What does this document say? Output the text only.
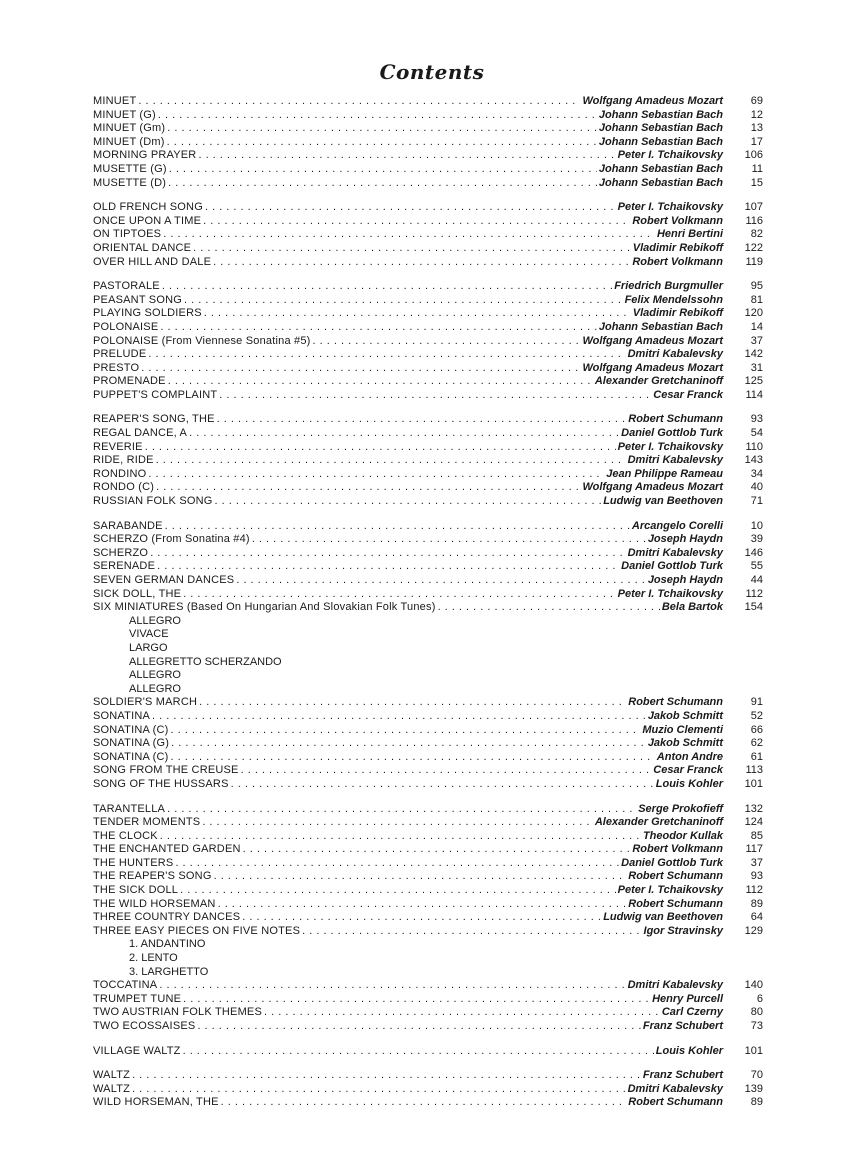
Contents
MINUET . . .	Wolfgang Amadeus Mozart	69
MINUET (G) . . .	Johann Sebastian Bach	12
MINUET (Gm) . . .	Johann Sebastian Bach	13
MINUET (Dm) . . .	Johann Sebastian Bach	17
MORNING PRAYER . . .	Peter I. Tchaikovsky	106
MUSETTE (G) . . .	Johann Sebastian Bach	11
MUSETTE (D) . . .	Johann Sebastian Bach	15
OLD FRENCH SONG . . .	Peter I. Tchaikovsky	107
ONCE UPON A TIME . . .	Robert Volkmann	116
ON TIPTOES . . .	Henri Bertini	82
ORIENTAL DANCE . . .	Vladimir Rebikoff	122
OVER HILL AND DALE . . .	Robert Volkmann	119
PASTORALE . . .	Friedrich Burgmuller	95
PEASANT SONG . . .	Felix Mendelssohn	81
PLAYING SOLDIERS . . .	Vladimir Rebikoff	120
POLONAISE . . .	Johann Sebastian Bach	14
POLONAISE (From Viennese Sonatina #5) . . .	Wolfgang Amadeus Mozart	37
PRELUDE . . .	Dmitri Kabalevsky	142
PRESTO . . .	Wolfgang Amadeus Mozart	31
PROMENADE . . .	Alexander Gretchaninoff	125
PUPPET'S COMPLAINT . . .	Cesar Franck	114
REAPER'S SONG, THE . . .	Robert Schumann	93
REGAL DANCE, A . . .	Daniel Gottlob Turk	54
REVERIE . . .	Peter I. Tchaikovsky	110
RIDE, RIDE . . .	Dmitri Kabalevsky	143
RONDINO . . .	Jean Philippe Rameau	34
RONDO (C) . . .	Wolfgang Amadeus Mozart	40
RUSSIAN FOLK SONG . . .	Ludwig van Beethoven	71
SARABANDE . . .	Arcangelo Corelli	10
SCHERZO (From Sonatina #4) . . .	Joseph Haydn	39
SCHERZO . . .	Dmitri Kabalevsky	146
SERENADE . . .	Daniel Gottlob Turk	55
SEVEN GERMAN DANCES . . .	Joseph Haydn	44
SICK DOLL, THE . . .	Peter I. Tchaikovsky	112
SIX MINIATURES (Based On Hungarian And Slovakian Folk Tunes) . . .	Bela Bartok	154
ALLEGRO
VIVACE
LARGO
ALLEGRETTO SCHERZANDO
ALLEGRO
ALLEGRO
SOLDIER'S MARCH . . .	Robert Schumann	91
SONATINA . . .	Jakob Schmitt	52
SONATINA (C) . . .	Muzio Clementi	66
SONATINA (G) . . .	Jakob Schmitt	62
SONATINA (C) . . .	Anton Andre	61
SONG FROM THE CREUSE . . .	Cesar Franck	113
SONG OF THE HUSSARS . . .	Louis Kohler	101
TARANTELLA . . .	Serge Prokofieff	132
TENDER MOMENTS . . .	Alexander Gretchaninoff	124
THE CLOCK . . .	Theodor Kullak	85
THE ENCHANTED GARDEN . . .	Robert Volkmann	117
THE HUNTERS . . .	Daniel Gottlob Turk	37
THE REAPER'S SONG . . .	Robert Schumann	93
THE SICK DOLL . . .	Peter I. Tchaikovsky	112
THE WILD HORSEMAN . . .	Robert Schumann	89
THREE COUNTRY DANCES . . .	Ludwig van Beethoven	64
THREE EASY PIECES ON FIVE NOTES . . .	Igor Stravinsky	129
1. ANDANTINO
2. LENTO
3. LARGHETTO
TOCCATINA . . .	Dmitri Kabalevsky	140
TRUMPET TUNE . . .	Henry Purcell	6
TWO AUSTRIAN FOLK THEMES . . .	Carl Czerny	80
TWO ECOSSAISES . . .	Franz Schubert	73
VILLAGE WALTZ . . .	Louis Kohler	101
WALTZ . . .	Franz Schubert	70
WALTZ . . .	Dmitri Kabalevsky	139
WILD HORSEMAN, THE . . .	Robert Schumann	89
